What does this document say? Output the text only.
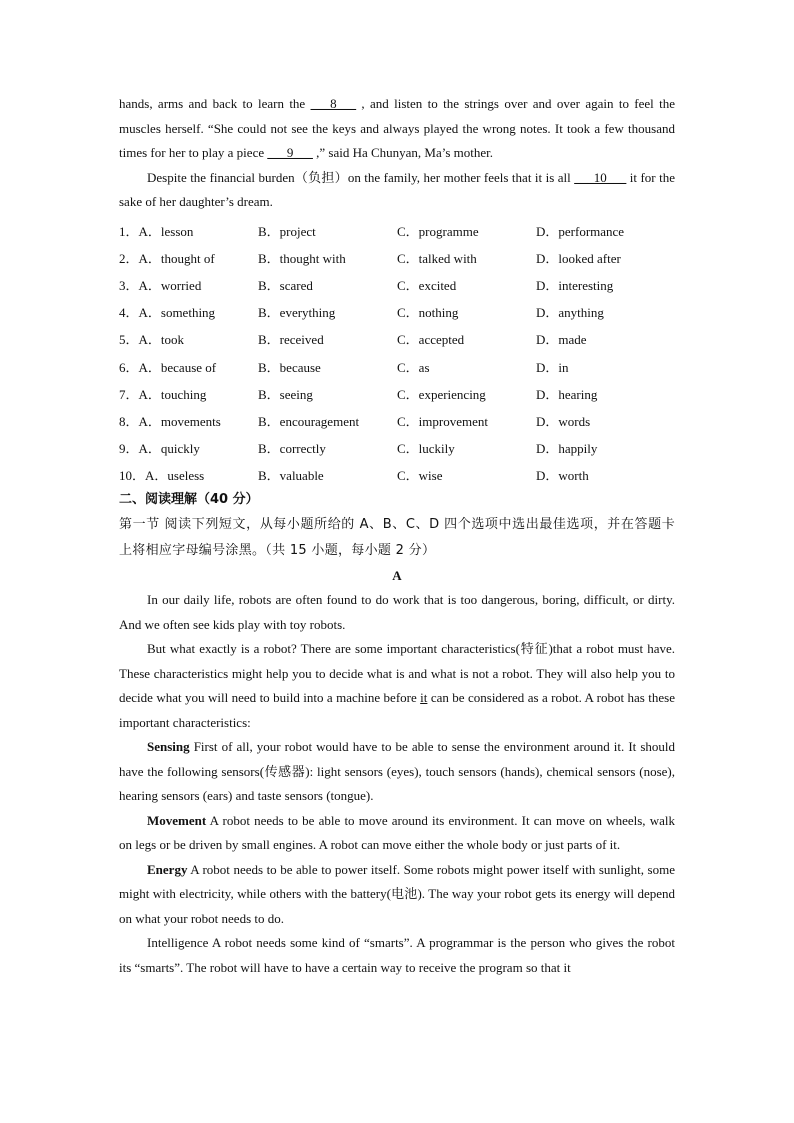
hands, arms and back to learn the ___8___ , and listen to the strings over and over again to feel the muscles herself. “She could not see the keys and always played the wrong notes. It took a few thousand times for her to play a piece ___9___ ,” said Ha Chunyan, Ma’s mother.

Despite the financial burden（负担）on the family, her mother feels that it is all ___10___ it for the sake of her daughter’s dream.

1．A．lesson	B．project	C．programme	D．performance
2．A．thought of	B．thought with	C．talked with	D．looked after
3．A．worried	B．scared	C．excited	D．interesting
4．A．something	B．everything	C．nothing	D．anything
5．A．took	B．received	C．accepted	D．made
6．A．because of	B．because	C．as	D．in
7．A．touching	B．seeing	C．experiencing	D．hearing
8．A．movements	B．encouragement	C．improvement	D．words
9．A．quickly	B．correctly	C．luckily	D．happily
10．A．useless	B．valuable	C．wise	D．worth

二、阅读理解（40 分）

第一节 阅读下列短文，从每小题所给的 A、B、C、D 四个选项中选出最佳选项，并在答题卡上将相应字母编号涂黑。（共 15 小题，每小题 2 分）

A

In our daily life, robots are often found to do work that is too dangerous, boring, difficult, or dirty. And we often see kids play with toy robots.

But what exactly is a robot? There are some important characteristics(特征)that a robot must have. These characteristics might help you to decide what is and what is not a robot. They will also help you to decide what you will need to build into a machine before it can be considered as a robot. A robot has these important characteristics:

Sensing First of all, your robot would have to be able to sense the environment around it. It should have the following sensors(传感器): light sensors (eyes), touch sensors (hands), chemical sensors (nose), hearing sensors (ears) and taste sensors (tongue).

Movement A robot needs to be able to move around its environment. It can move on wheels, walk on legs or be driven by small engines. A robot can move either the whole body or just parts of it.

Energy A robot needs to be able to power itself. Some robots might power itself with sunlight, some might with electricity, while others with the battery(电池). The way your robot gets its energy will depend on what your robot needs to do.

Intelligence A robot needs some kind of “smarts”. A programmar is the person who gives the robot its “smarts”. The robot will have to have a certain way to receive the program so that it
